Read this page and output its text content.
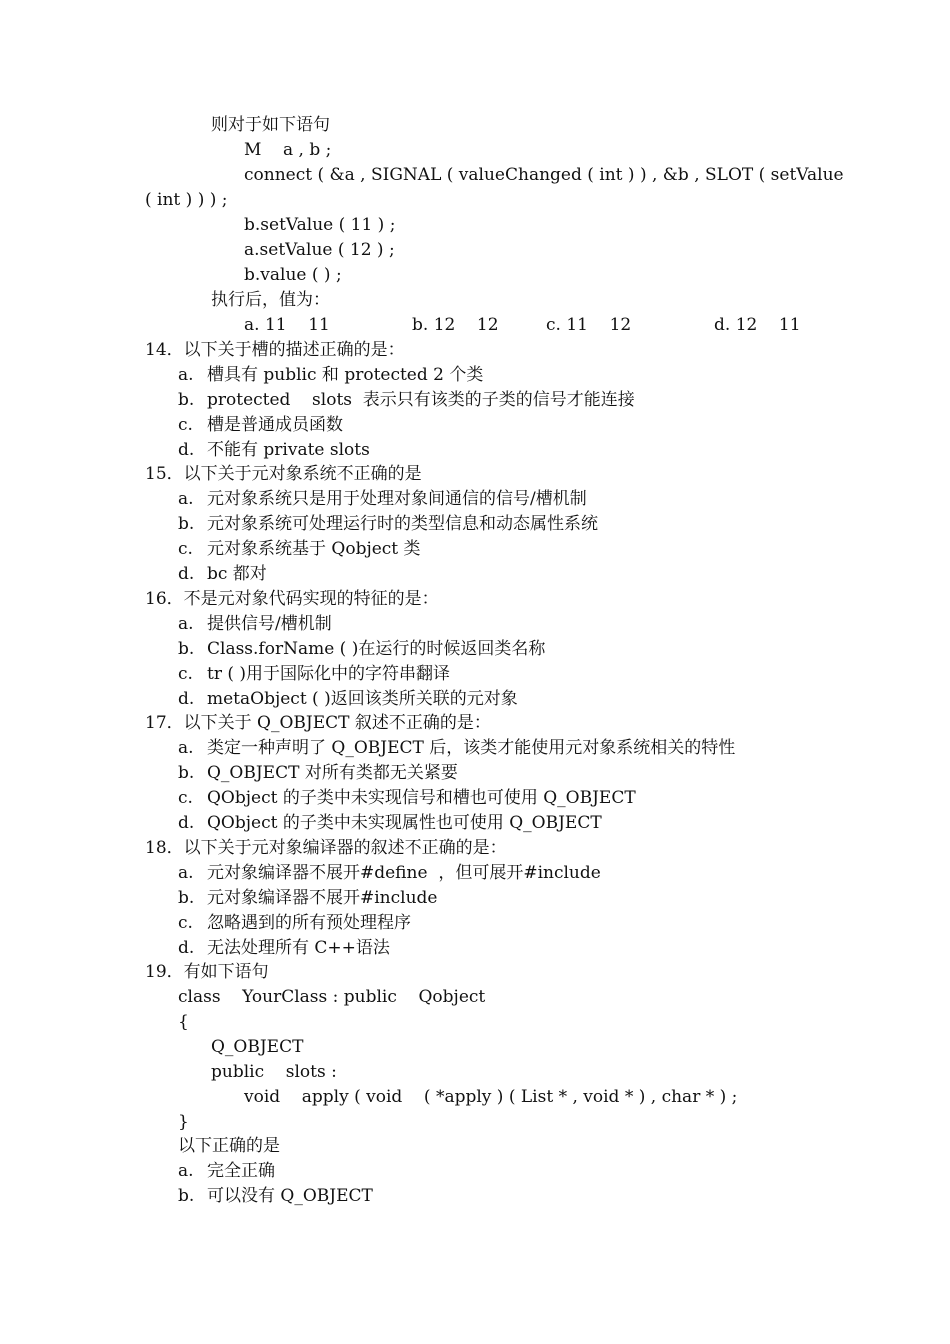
则对于如下语句
M    a , b ;
connect ( &a , SIGNAL ( valueChanged ( int ) ) , &b , SLOT ( setValue
( int ) ) ) ;
b.setValue ( 11 ) ;
a.setValue ( 12 ) ;
b.value ( ) ;
执行后，值为：

a. 11    11

	b. 12    12

	c. 11    12

	d. 12    11

14．以下关于槽的描述正确的是：
a. 槽具有 public 和 protected 2 个类
b. protected    slots  表示只有该类的子类的信号才能连接
c. 槽是普通成员函数
d. 不能有 private slots
15．以下关于元对象系统不正确的是
a. 元对象系统只是用于处理对象间通信的信号/槽机制
b. 元对象系统可处理运行时的类型信息和动态属性系统
c. 元对象系统基于 Qobject 类
d. bc 都对
16．不是元对象代码实现的特征的是：
a. 提供信号/槽机制
b. Class.forName ( )在运行的时候返回类名称
c. tr ( )用于国际化中的字符串翻译
d. metaObject ( )返回该类所关联的元对象
17．以下关于 Q_OBJECT 叙述不正确的是：
a. 类定一种声明了 Q_OBJECT 后，该类才能使用元对象系统相关的特性
b. Q_OBJECT 对所有类都无关紧要
c. QObject 的子类中未实现信号和槽也可使用 Q_OBJECT
d. QObject 的子类中未实现属性也可使用 Q_OBJECT
18．以下关于元对象编译器的叙述不正确的是：
a. 元对象编译器不展开#define  ，但可展开#include
b. 元对象编译器不展开#include
c. 忽略遇到的所有预处理程序
d. 无法处理所有 C++语法
19．有如下语句
class    YourClass : public    Qobject
{
Q_OBJECT
public    slots :
void    apply ( void    ( *apply ) ( List * , void * ) , char * ) ;
}
以下正确的是
a. 完全正确
b. 可以没有 Q_OBJECT
